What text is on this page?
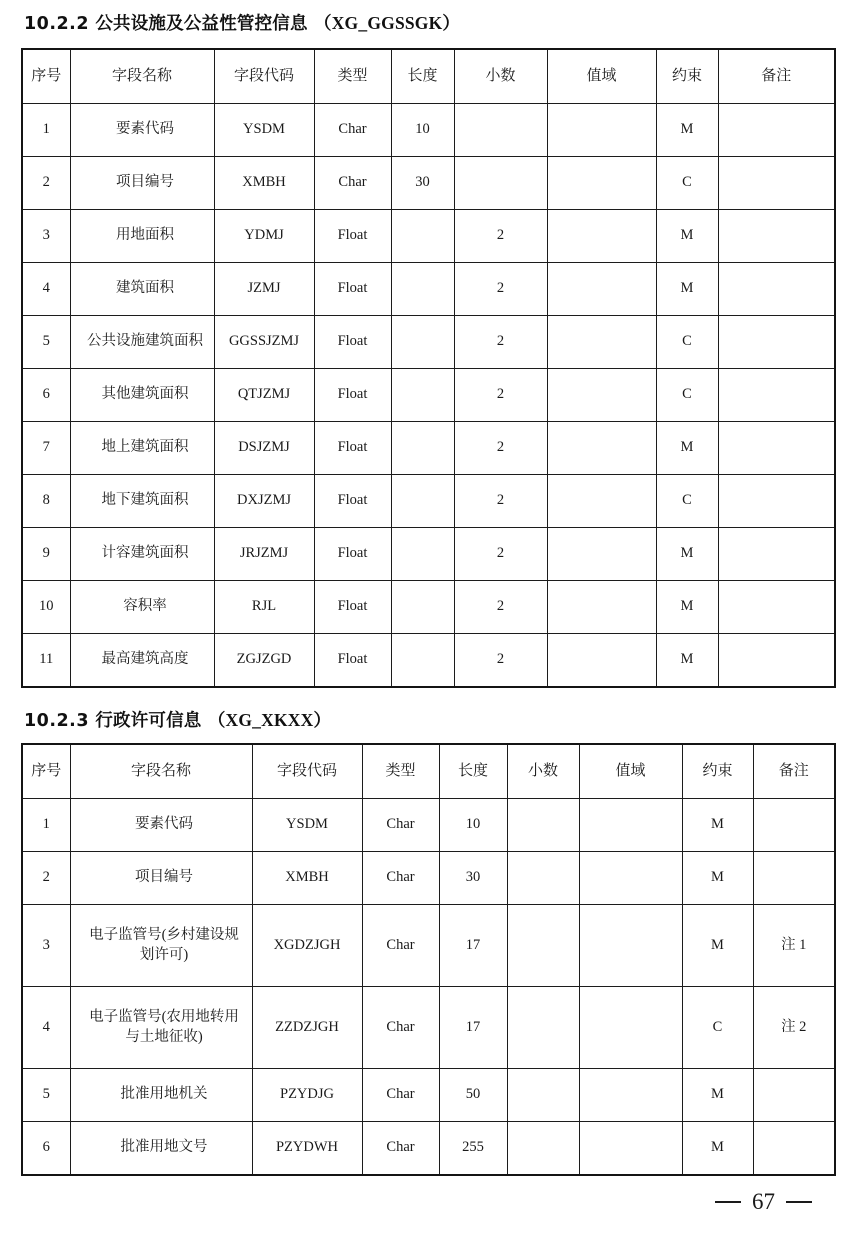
10.2.2 公共设施及公益性管控信息 （XG_GGSSGK）
序号	字段名称	字段代码	类型	长度	小数	值域	约束	备注
1	要素代码	YSDM	Char	10			M	
2	项目编号	XMBH	Char	30			C	
3	用地面积	YDMJ	Float		2		M	
4	建筑面积	JZMJ	Float		2		M	
5	公共设施建筑面积	GGSSJZMJ	Float		2		C	
6	其他建筑面积	QTJZMJ	Float		2		C	
7	地上建筑面积	DSJZMJ	Float		2		M	
8	地下建筑面积	DXJZMJ	Float		2		C	
9	计容建筑面积	JRJZMJ	Float		2		M	
10	容积率	RJL	Float		2		M	
11	最高建筑高度	ZGJZGD	Float		2		M	
10.2.3 行政许可信息 （XG_XKXX）
序号	字段名称	字段代码	类型	长度	小数	值域	约束	备注
1	要素代码	YSDM	Char	10			M	
2	项目编号	XMBH	Char	30			M	
3	电子监管号(乡村建设规划许可)	XGDZJGH	Char	17			M	注 1
4	电子监管号(农用地转用与土地征收)	ZZDZJGH	Char	17			C	注 2
5	批准用地机关	PZYDJG	Char	50			M	
6	批准用地文号	PZYDWH	Char	255			M	
67
